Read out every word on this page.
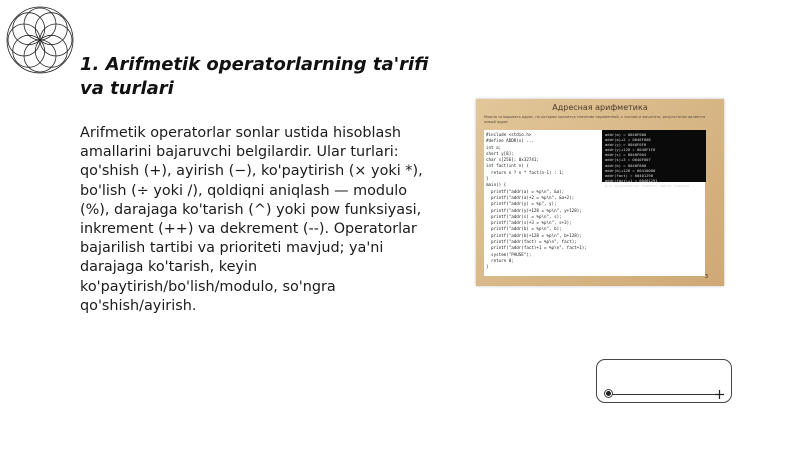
1. Arifmetik operatorlarning ta'rifi va turlari

Arifmetik operatorlar sonlar ustida hisoblash amallarini bajaruvchi belgilardir. Ular turlari: qo'shish (+), ayirish (−), ko'paytirish (× yoki *), bo'lish (÷ yoki /), qoldiqni aniqlash — modulo (%), darajaga ko'tarish (^) yoki pow funksiyasi, inkrement (++) va dekrement (--). Operatorlar bajarilish tartibi va prioriteti mavjud; ya'ni darajaga ko'tarish, keyin ko'paytirish/bo'lish/modulo, so'ngra qo'shish/ayirish.

Адресная арифметика
Можно складывать адрес, на котором хранится значение переменной, с числом и вычитать; результатом является новый адрес
#include <stdio.h>
#define ADDR(x) ...
int a;
short y[8];
char s[256]; 0x32741;
int fact(int n) {
return n ? n * fact(n-1) : 1;
}
main() {
printf("addr(a) = %p\n", &a);
printf("addr(a)+2 = %p\n", &a+2);
printf("addr(y) = %p", y);
printf("addr(y)+128 = %p\n", y+128);
printf("addr(s) = %p\n", s);
printf("addr(s)+3 = %p\n", s+3);
printf("addr(b) = %p\n", b);
printf("addr(b)+128 = %p\n", b+128);
printf("addr(fact) = %p\n", fact);
printf("addr(fact)+1 = %p\n", fact+1);
system("PAUSE");
return 0;
}
addr(a) = 0040F000
addr(a)+2 = 0040F008
addr(y) = 0040F0F0
addr(y)+128 = 0040F1F0
addr(s) = 0040F004
addr(s)+3 = 0040F007
addr(b) = 0040F800
addr(b)+128 = 00410000
addr(fact) = 00401290
addr(fact)+1 = 00401291
Для продолжения нажмите любую клавишу . . .
3
